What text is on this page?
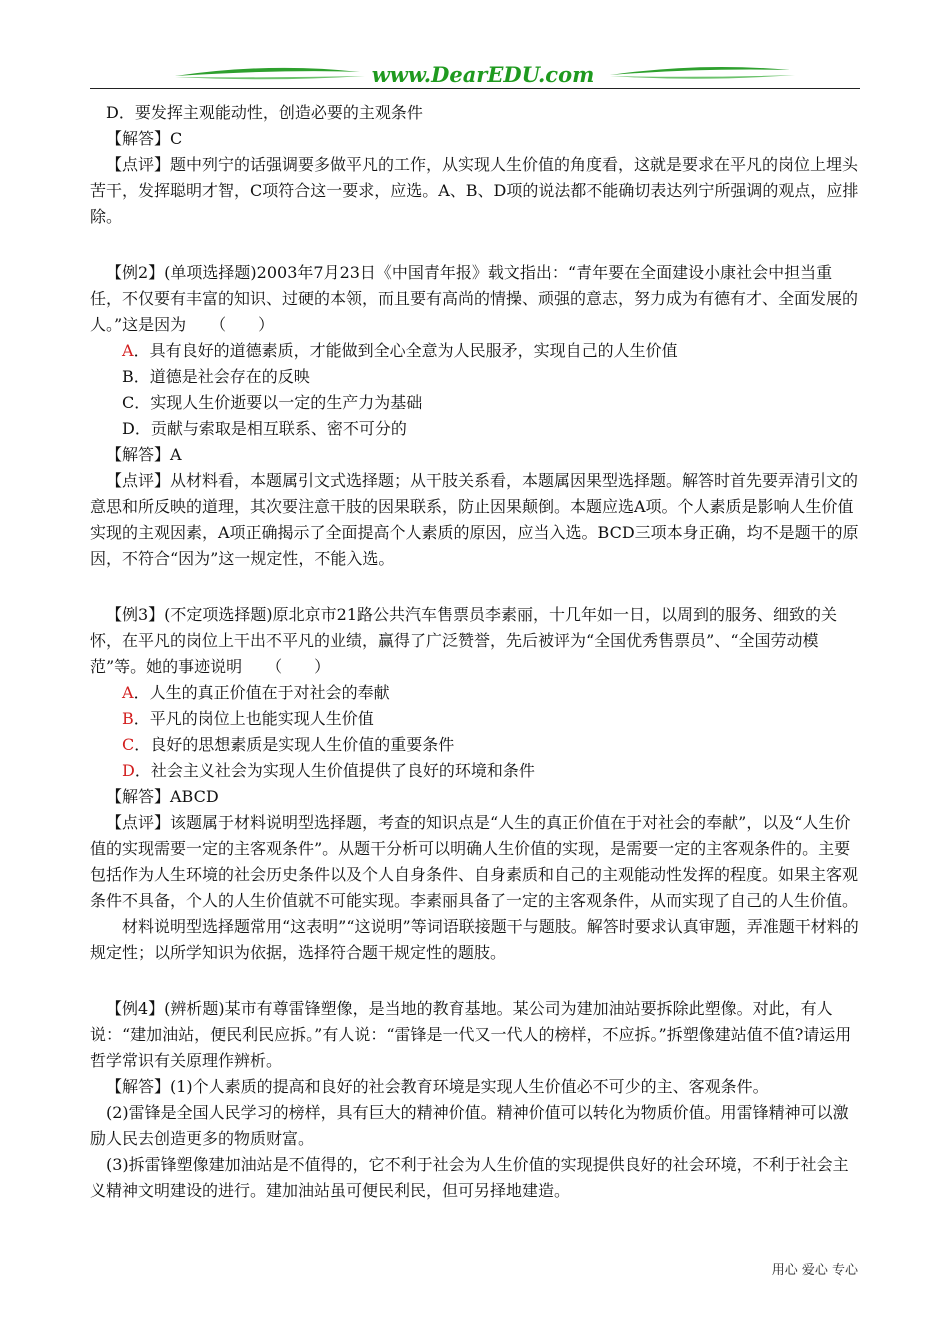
www.DearEDU.com

D．要发挥主观能动性，创造必要的主观条件

【解答】C

【点评】题中列宁的话强调要多做平凡的工作，从实现人生价值的角度看，这就是要求在平凡的岗位上埋头苦干，发挥聪明才智，C项符合这一要求，应选。A、B、D项的说法都不能确切表达列宁所强调的观点，应排除。

【例2】(单项选择题)2003年7月23日《中国青年报》载文指出：“青年要在全面建设小康社会中担当重任，不仅要有丰富的知识、过硬的本领，而且要有高尚的情操、顽强的意志，努力成为有德有才、全面发展的人。”这是因为　　（　　）

A．具有良好的道德素质，才能做到全心全意为人民服矛，实现自己的人生价值

B．道德是社会存在的反映

C．实现人生价逝要以一定的生产力为基础

D．贡献与索取是相互联系、密不可分的

【解答】A

【点评】从材料看，本题属引文式选择题；从干肢关系看，本题属因果型选择题。解答时首先要弄清引文的意思和所反映的道理，其次要注意干肢的因果联系，防止因果颠倒。本题应选A项。个人素质是影响人生价值实现的主观因素，A项正确揭示了全面提高个人素质的原因，应当入选。BCD三项本身正确，均不是题干的原因，不符合“因为”这一规定性，不能入选。

【例3】(不定项选择题)原北京市21路公共汽车售票员李素丽，十几年如一日，以周到的服务、细致的关怀，在平凡的岗位上干出不平凡的业绩，赢得了广泛赞誉，先后被评为“全国优秀售票员”、“全国劳动模范”等。她的事迹说明　　（　　）

A．人生的真正价值在于对社会的奉献

B．平凡的岗位上也能实现人生价值

C．良好的思想素质是实现人生价值的重要条件

D．社会主义社会为实现人生价值提供了良好的环境和条件

【解答】ABCD

【点评】该题属于材料说明型选择题，考查的知识点是“人生的真正价值在于对社会的奉献”，以及“人生价值的实现需要一定的主客观条件”。从题干分析可以明确人生价值的实现，是需要一定的主客观条件的。主要包括作为人生环境的社会历史条件以及个人自身条件、自身素质和自己的主观能动性发挥的程度。如果主客观条件不具备，个人的人生价值就不可能实现。李素丽具备了一定的主客观条件，从而实现了自己的人生价值。

材料说明型选择题常用“这表明”“这说明”等词语联接题干与题肢。解答时要求认真审题，弄准题干材料的规定性；以所学知识为依据，选择符合题干规定性的题肢。

【例4】(辨析题)某市有尊雷锋塑像，是当地的教育基地。某公司为建加油站要拆除此塑像。对此，有人说：“建加油站，便民利民应拆。”有人说：“雷锋是一代又一代人的榜样，不应拆。”拆塑像建站值不值?请运用哲学常识有关原理作辨析。

【解答】(1)个人素质的提高和良好的社会教育环境是实现人生价值必不可少的主、客观条件。

(2)雷锋是全国人民学习的榜样，具有巨大的精神价值。精神价值可以转化为物质价值。用雷锋精神可以激励人民去创造更多的物质财富。

(3)拆雷锋塑像建加油站是不值得的，它不利于社会为人生价值的实现提供良好的社会环境，不利于社会主义精神文明建设的进行。建加油站虽可便民利民，但可另择地建造。

用心 爱心 专心
